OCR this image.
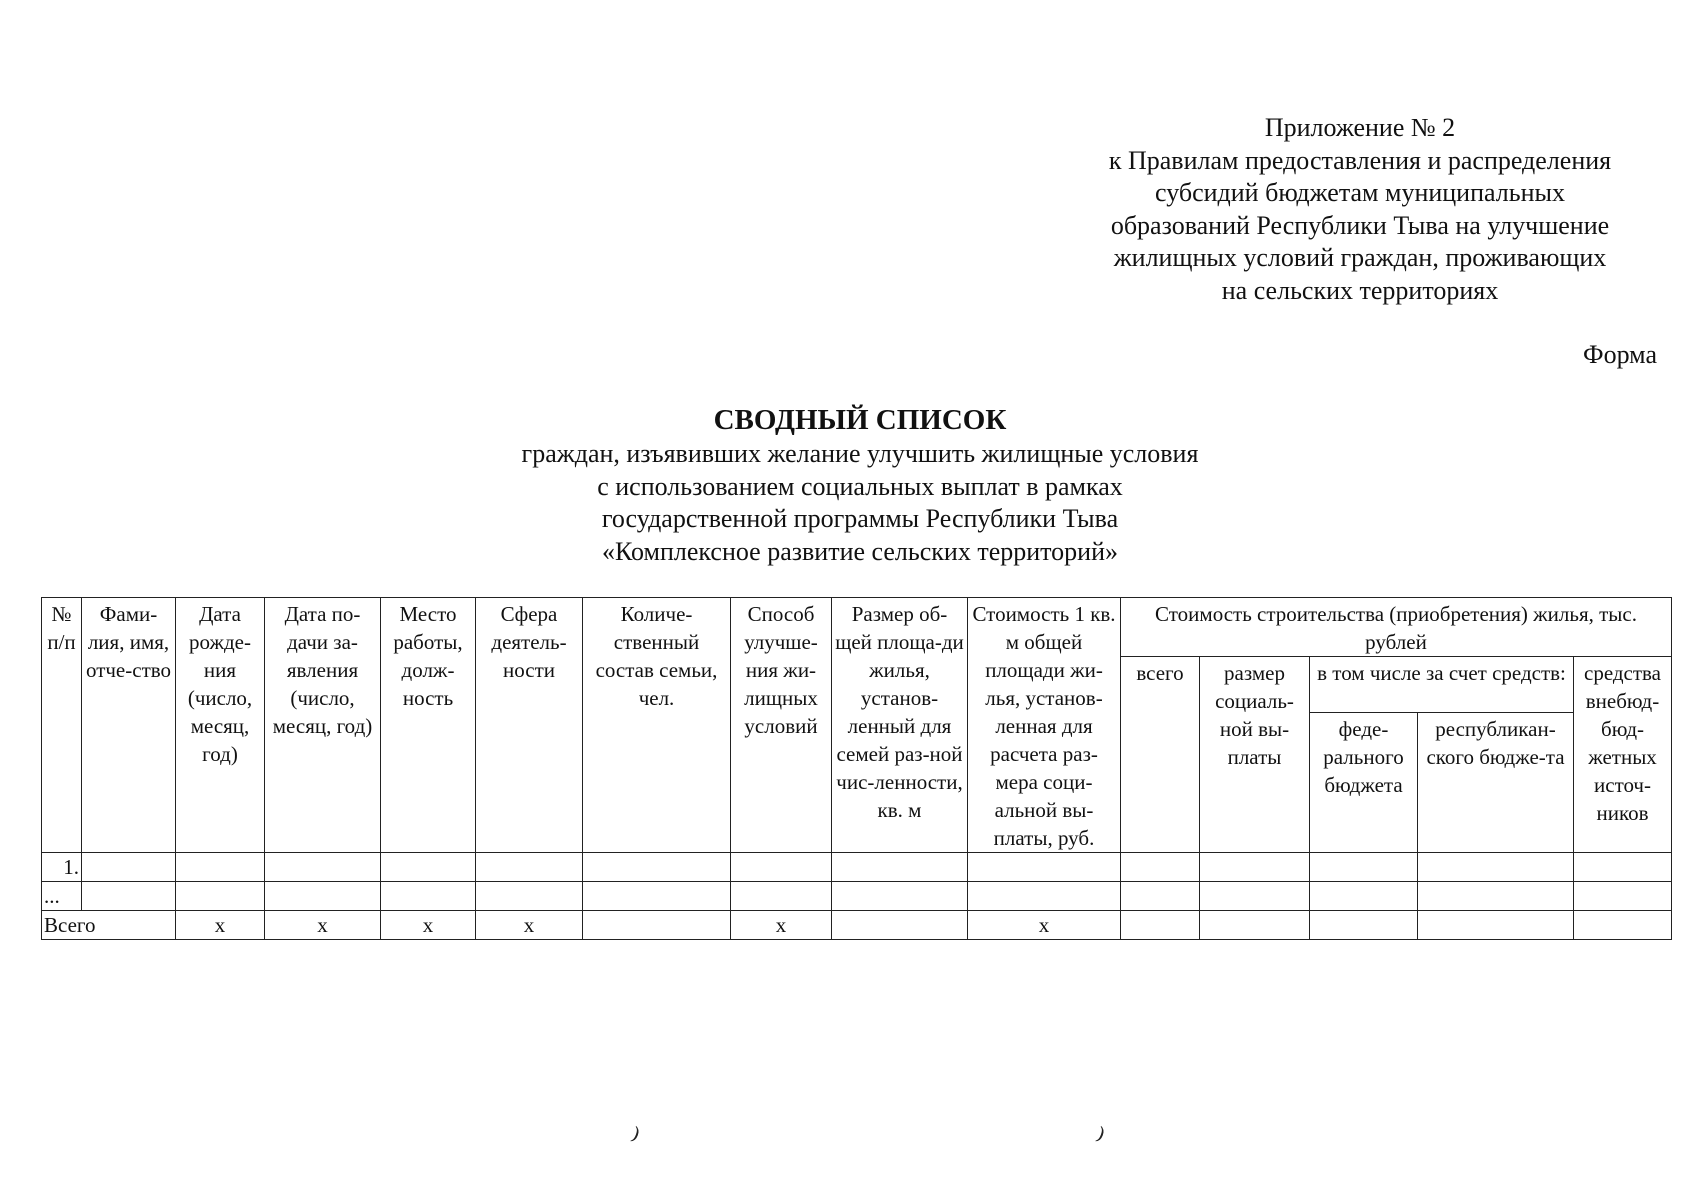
Приложение № 2
к Правилам предоставления и распределения
субсидий бюджетам муниципальных
образований Республики Тыва на улучшение
жилищных условий граждан, проживающих
на сельских территориях
Форма
СВОДНЫЙ СПИСОК
граждан, изъявивших желание улучшить жилищные условия
с использованием социальных выплат в рамках
государственной программы Республики Тыва
«Комплексное развитие сельских территорий»
№ п/п	Фами-лия, имя, отче-ство	Дата рожде-ния (число, месяц, год)	Дата по-дачи за-явления (число, месяц, год)	Место работы, долж-ность	Сфера деятель-ности	Количе-ственный состав семьи, чел.	Способ улучше-ния жи-лищных условий	Размер об-щей площа-ди жилья, установ-ленный для семей раз-ной чис-ленности, кв. м	Стоимость 1 кв. м общей площади жи-лья, установ-ленная для расчета раз-мера соци-альной вы-платы, руб.	Стоимость строительства (приобретения) жилья, тыс. рублей				
										всего	размер социаль-ной вы-платы	в том числе за счет средств:		средства внебюд-бюд-жетных источ-ников
												феде-рального бюджета	республикан-ского бюдже-та	
1.														
...														
Всего		х	х	х	х		х		х					
⁾	⁾
